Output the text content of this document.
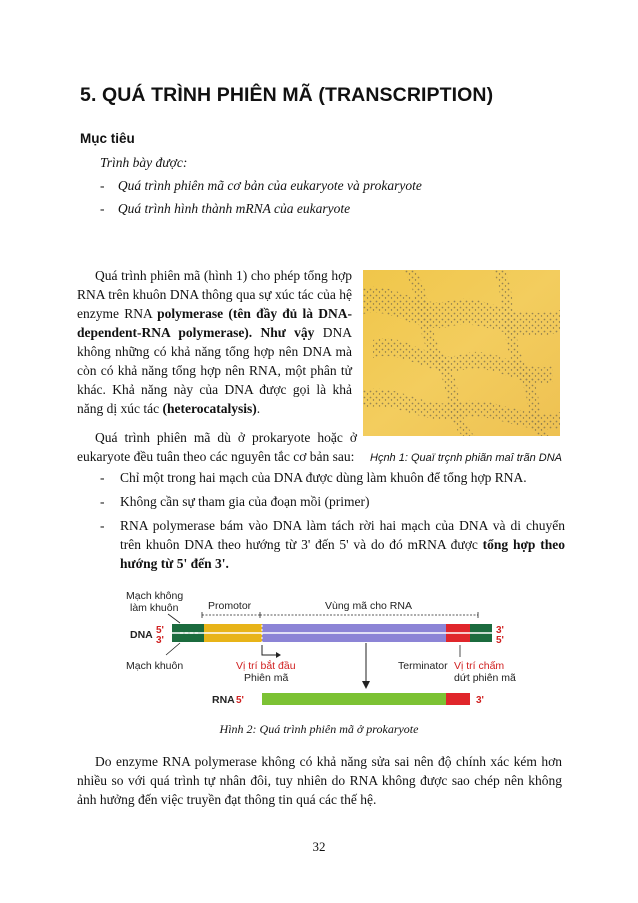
5. QUÁ TRÌNH PHIÊN MÃ (TRANSCRIPTION)
Mục tiêu
Trình bày được:
- Quá trình phiên mã cơ bản của eukaryote và prokaryote
- Quá trình hình thành mRNA của eukaryote

Quá trình phiên mã (hình 1) cho phép tổng hợp RNA trên khuôn DNA thông qua sự xúc tác của hệ enzyme RNA polymerase (tên đầy đủ là DNA-dependent-RNA polymerase). Như vậy DNA không những có khả năng tổng hợp nên DNA mà còn có khả năng tổng hợp nên RNA, một phân tử khác. Khả năng này của DNA được gọi là khả năng dị xúc tác (heterocatalysis).

Quá trình phiên mã dù ở prokaryote hoặc ở eukaryote đều tuân theo các nguyên tắc cơ bản sau: Hçnh 1: Quaï trçnh phiãn maî trãn DNA
- Chỉ một trong hai mạch của DNA được dùng làm khuôn để tổng hợp RNA.
- Không cần sự tham gia của đoạn mồi (primer)
- RNA polymerase bám vào DNA làm tách rời hai mạch của DNA và di chuyển trên khuôn DNA theo hướng từ 3' đến 5' và do đó mRNA được tổng hợp theo hướng từ 5' đến 3'.
Mạch không
làm khuôn	Promotor	Vùng mã cho RNA
DNA 5'
3'
3'
5'
Mạch khuôn	Vị trí bắt đầu
Phiên mã
Terminator Vị trí chấm
dứt phiên mã
RNA 5'	3'
Hình 2: Quá trình phiên mã ở prokaryote

Do enzyme RNA polymerase không có khả năng sửa sai nên độ chính xác kém hơn nhiều so với quá trình tự nhân đôi, tuy nhiên do RNA không được sao chép nên không ảnh hưởng đến việc truyền đạt thông tin quá các thế hệ.

32
